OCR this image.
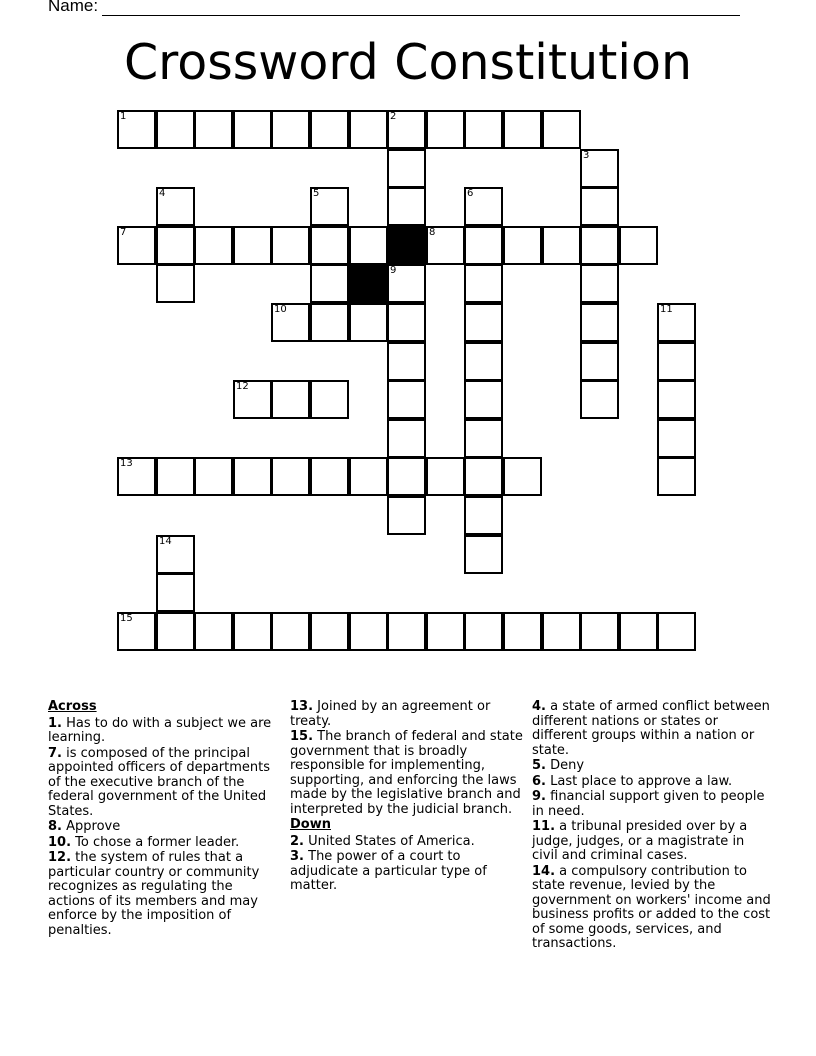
Name:
Crossword Constitution
1	2
3
4	5	6
7	8
9
10	11
12
13
14
15
Across
1. Has to do with a subject we are learning.
7. is composed of the principal appointed officers of departments of the executive branch of the federal government of the United States.
8. Approve
10. To chose a former leader.
12. the system of rules that a particular country or community recognizes as regulating the actions of its members and may enforce by the imposition of penalties.
13. Joined by an agreement or treaty.
15. The branch of federal and state government that is broadly responsible for implementing, supporting, and enforcing the laws made by the legislative branch and interpreted by the judicial branch.
Down
2. United States of America.
3. The power of a court to adjudicate a particular type of matter.
4. a state of armed conflict between different nations or states or different groups within a nation or state.
5. Deny
6. Last place to approve a law.
9. financial support given to people in need.
11. a tribunal presided over by a judge, judges, or a magistrate in civil and criminal cases.
14. a compulsory contribution to state revenue, levied by the government on workers' income and business profits or added to the cost of some goods, services, and transactions.
